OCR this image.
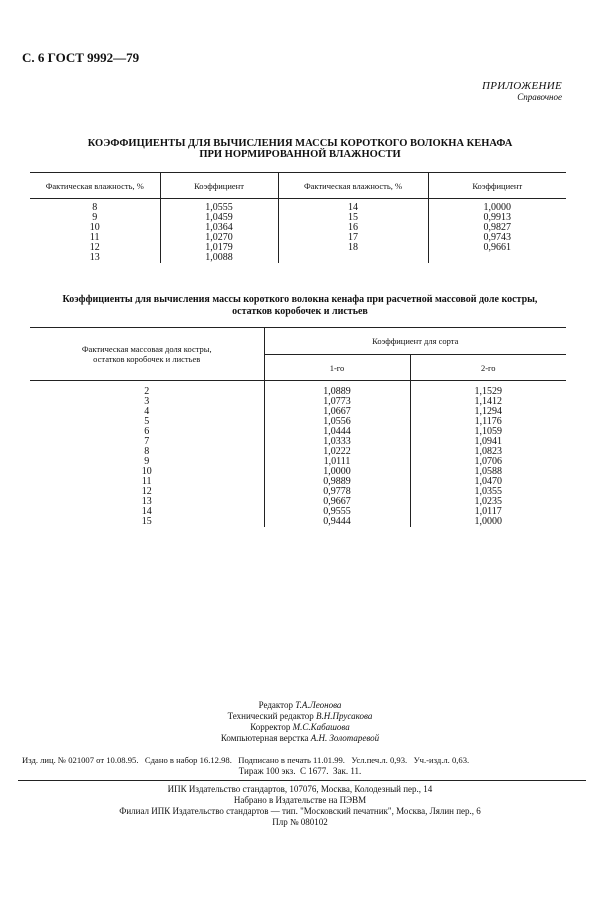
С. 6 ГОСТ 9992—79
ПРИЛОЖЕНИЕ
Справочное
КОЭФФИЦИЕНТЫ ДЛЯ ВЫЧИСЛЕНИЯ МАССЫ КОРОТКОГО ВОЛОКНА КЕНАФА
ПРИ НОРМИРОВАННОЙ ВЛАЖНОСТИ
Фактическая влажность, %	Коэффициент	Фактическая влажность, %	Коэффициент

8	1,0555	14	1,0000
9	1,0459	15	0,9913
10	1,0364	16	0,9827
11	1,0270	17	0,9743
12	1,0179	18	0,9661
13	1,0088		
Коэффициенты для вычисления массы короткого волокна кенафа при расчетной массовой доле костры,
остатков коробочек и листьев
Фактическая массовая доля костры,
остатков коробочек и листьев	Коэффициент для сорта	
	1-го	2-го

2	1,0889	1,1529
3	1,0773	1,1412
4	1,0667	1,1294
5	1,0556	1,1176
6	1,0444	1,1059
7	1,0333	1,0941
8	1,0222	1,0823
9	1,0111	1,0706
10	1,0000	1,0588
11	0,9889	1,0470
12	0,9778	1,0355
13	0,9667	1,0235
14	0,9555	1,0117
15	0,9444	1,0000
Редактор Т.А.Леонова
Технический редактор В.Н.Прусакова
Корректор М.С.Кабашова
Компьютерная верстка А.Н. Золотаревой
Изд. лиц. № 021007 от 10.08.95.   Сдано в набор 16.12.98.   Подписано в печать 11.01.99.   Усл.печ.л. 0,93.   Уч.-изд.л. 0,63.
Тираж 100 экз.  С 1677.  Зак. 11.
ИПК Издательство стандартов, 107076, Москва, Колодезный пер., 14
Набрано в Издательстве на ПЭВМ
Филиал ИПК Издательство стандартов — тип. "Московский печатник", Москва, Лялин пер., 6
Плр № 080102
